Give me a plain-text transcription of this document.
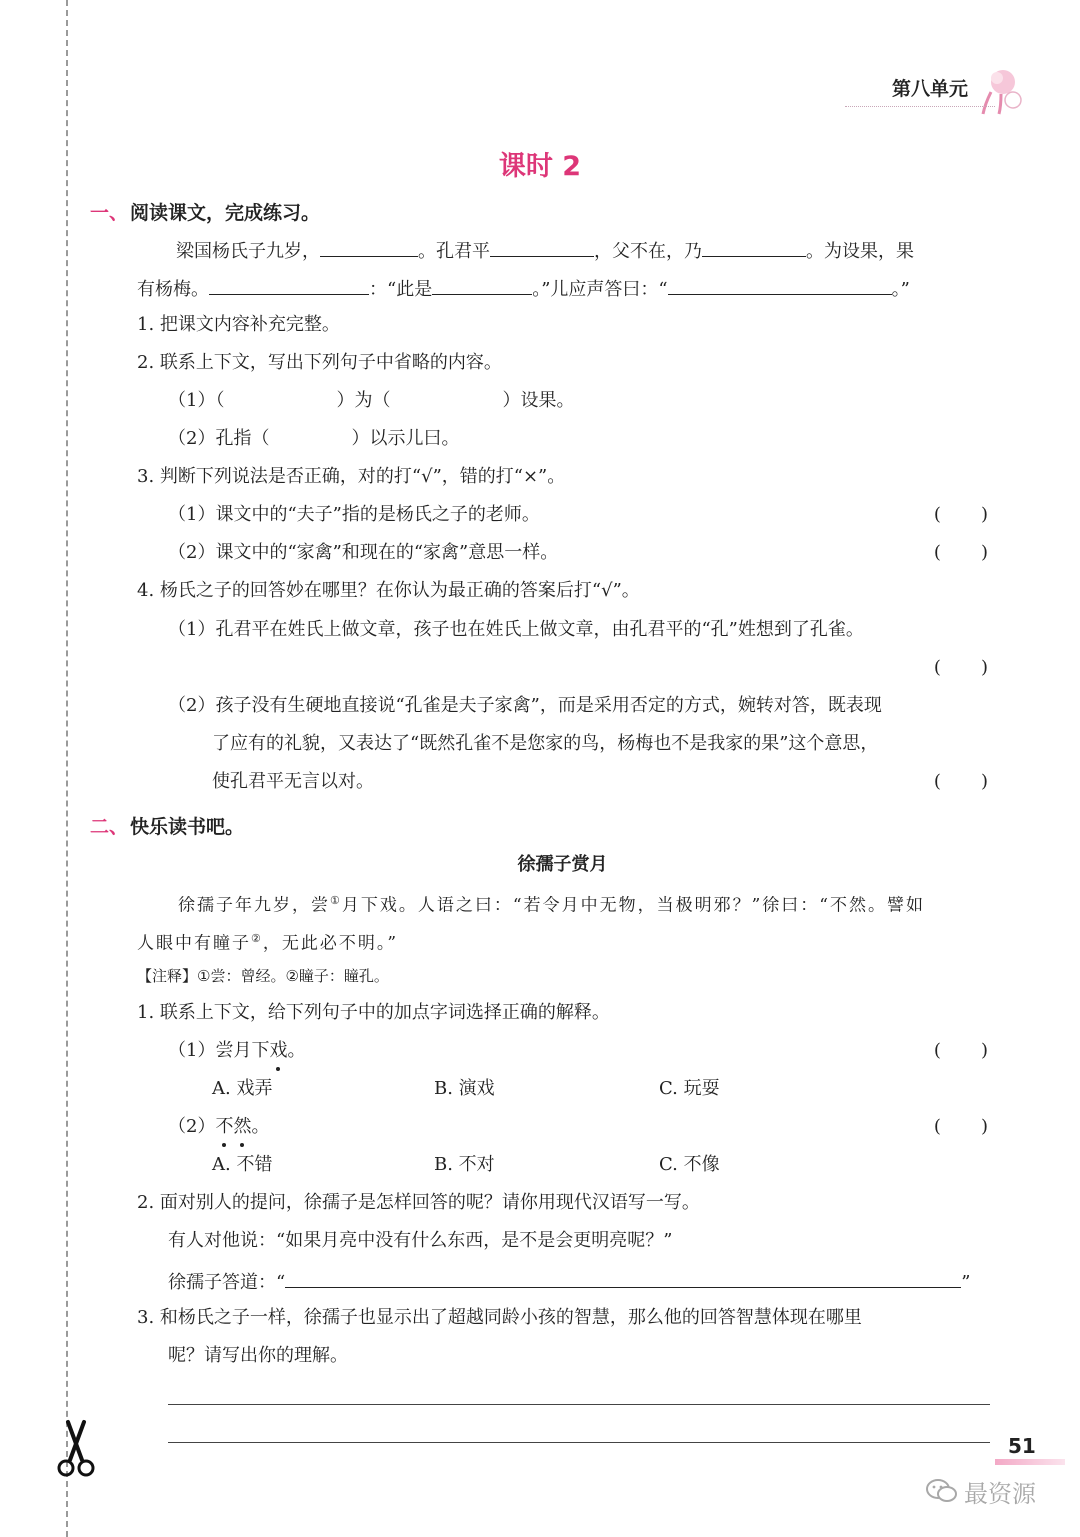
第八单元
课时 2
一、 阅读课文，完成练习。
梁国杨氏子九岁，	。孔君平	，父不在，乃	。为设果，果
有杨梅。	：“此是	。”儿应声答曰：“	。”
1. 把课文内容补充完整。
2. 联系上下文，写出下列句子中省略的内容。
（1）（	）为（	）设果。
（2）孔指（	）以示儿曰。
3. 判断下列说法是否正确，对的打“√”，错的打“×”。
（1）课文中的“夫子”指的是杨氏之子的老师。	(       )
（2）课文中的“家禽”和现在的“家禽”意思一样。	(       )
4. 杨氏之子的回答妙在哪里？在你认为最正确的答案后打“√”。
（1）孔君平在姓氏上做文章，孩子也在姓氏上做文章，由孔君平的“孔”姓想到了孔雀。
(       )
（2）孩子没有生硬地直接说“孔雀是夫子家禽”，而是采用否定的方式，婉转对答，既表现
了应有的礼貌，又表达了“既然孔雀不是您家的鸟，杨梅也不是我家的果”这个意思，
使孔君平无言以对。	(       )
二、 快乐读书吧。
徐孺子赏月
徐孺子年九岁，尝①月下戏。人语之曰：“若令月中无物，当极明邪？”徐曰：“不然。譬如
人眼中有瞳子②，无此必不明。”
【注释】①尝：曾经。②瞳子：瞳孔。
1. 联系上下文，给下列句子中的加点字词选择正确的解释。
（1）尝月下戏。	(       )
A. 戏弄	B. 演戏	C. 玩耍
（2）不然。	(       )
A. 不错	B. 不对	C. 不像
2. 面对别人的提问，徐孺子是怎样回答的呢？请你用现代汉语写一写。
有人对他说：“如果月亮中没有什么东西，是不是会更明亮呢？”
徐孺子答道：“	”
3. 和杨氏之子一样，徐孺子也显示出了超越同龄小孩的智慧，那么他的回答智慧体现在哪里
呢？请写出你的理解。
51
最资源
